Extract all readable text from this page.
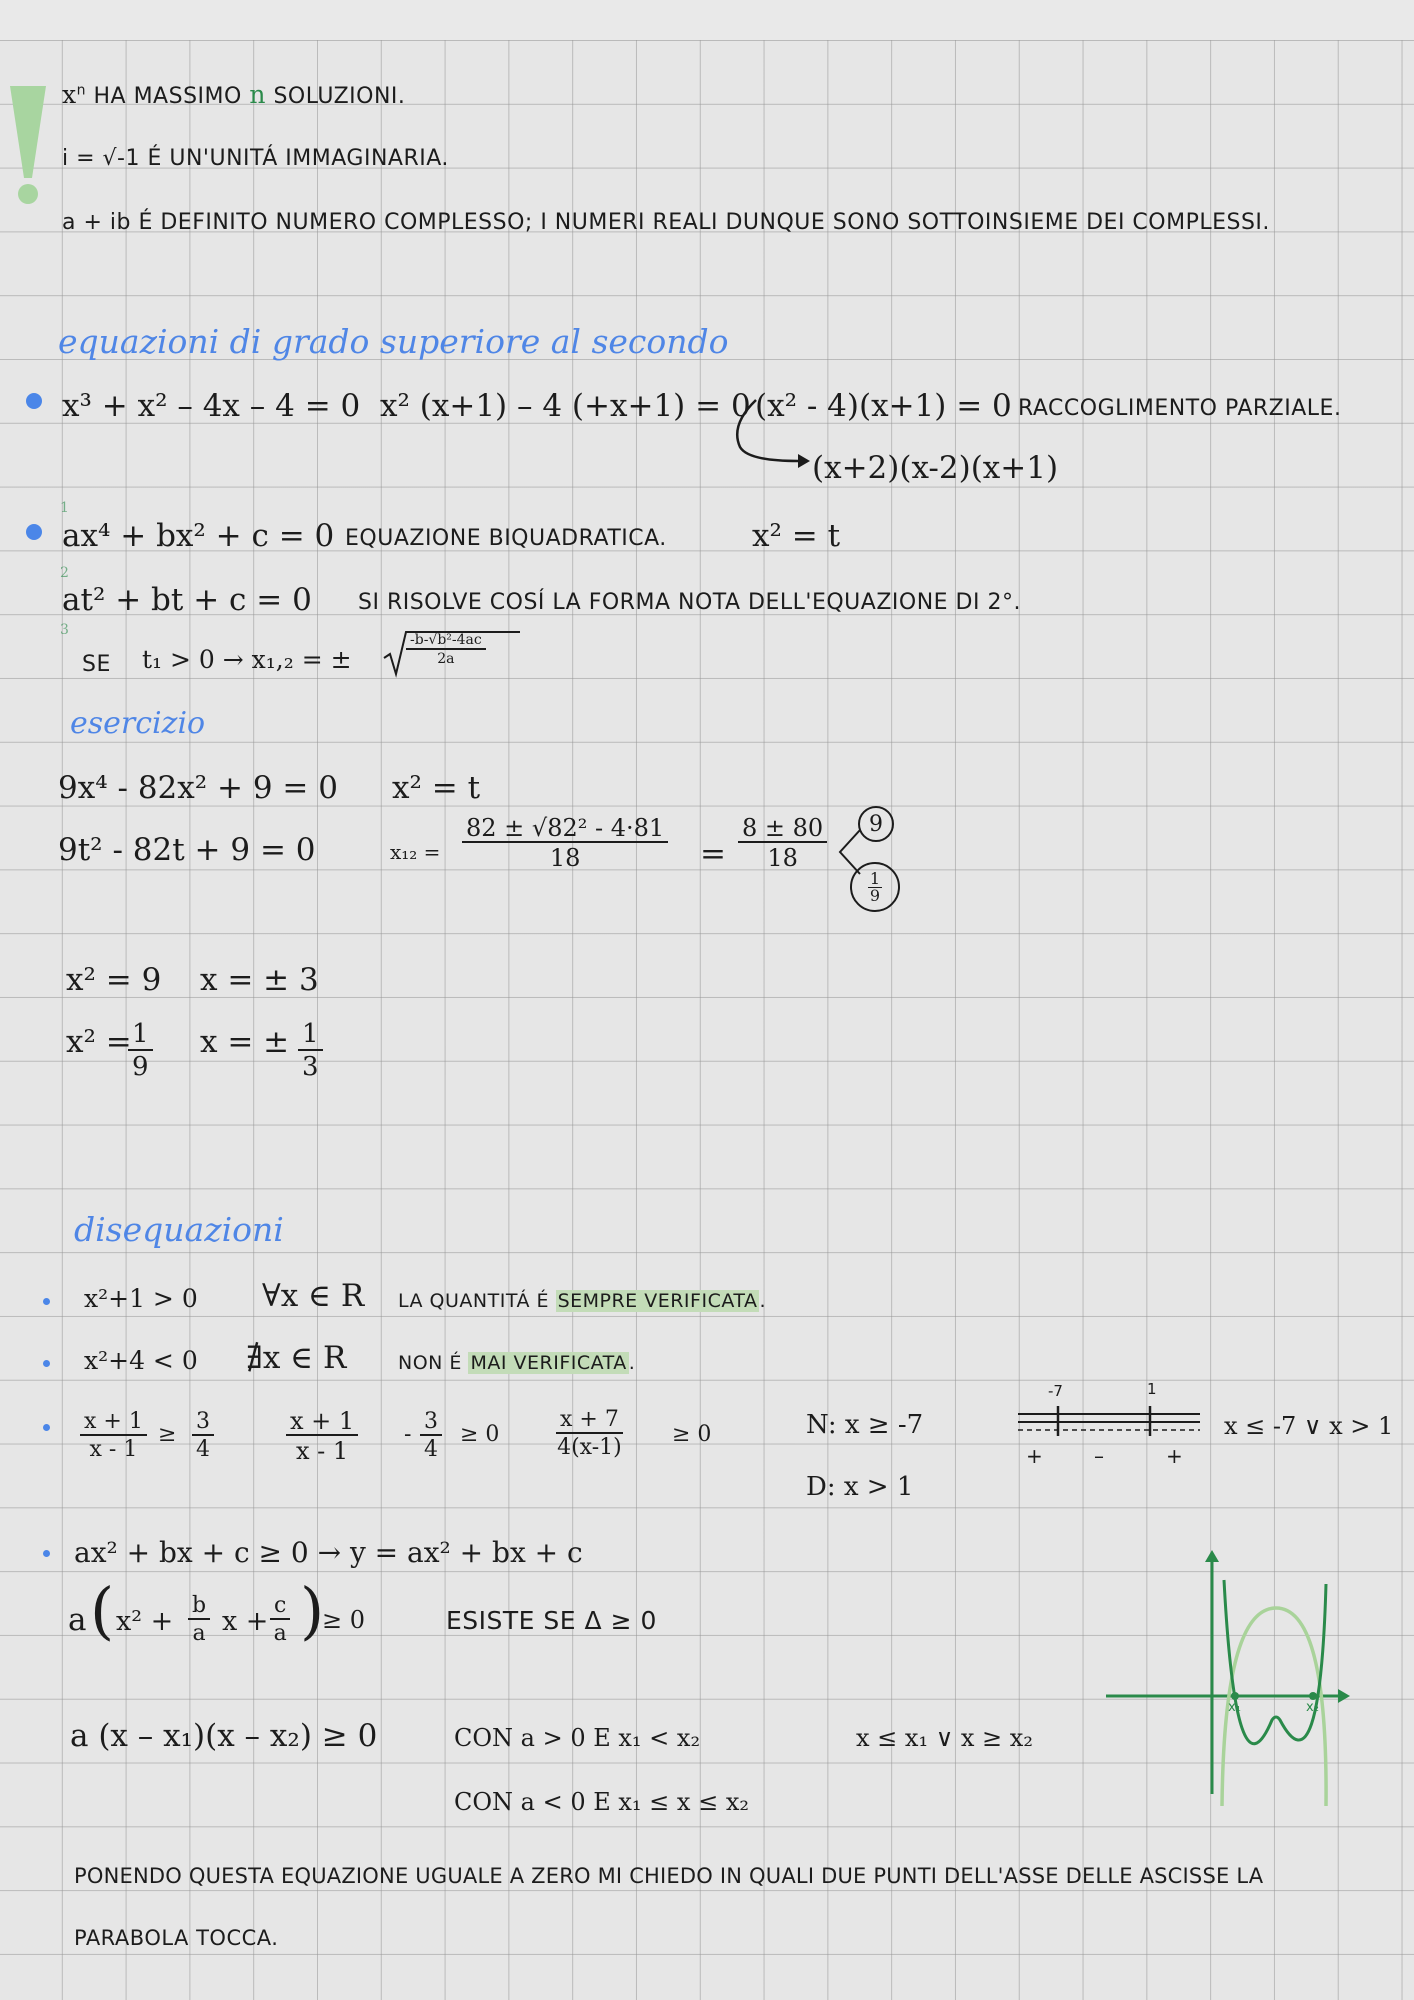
$x^n$ HA MASSIMO n SOLUZIONI.
i = √-1 É UN'UNITÁ IMMAGINARIA.
a + ib É DEFINITO NUMERO COMPLESSO; I NUMERI REALI DUNQUE SONO SOTTOINSIEME DEI COMPLESSI.
equazioni di grado superiore al secondo
x³ + x² – 4x – 4 = 0 x² (x+1) – 4 (+x+1) = 0 (x² - 4)(x+1) = 0 RACCOGLIMENTO PARZIALE.
(x+2)(x-2)(x+1)
1
ax⁴ + bx² + c = 0 EQUAZIONE BIQUADRATICA.	x² = t
2
at² + bt + c = 0 SI RISOLVE COSÍ LA FORMA NOTA DELL'EQUAZIONE DI 2°.
3
SE t₁ > 0 → x₁,₂ = ±	$\frac{\text{-b-√b²-4ac}}{2a}$
esercizio
9x⁴ - 82x² + 9 = 0 x² = t
9t² - 82t + 9 = 0	$x_{12} = \frac{\text{82 ± √82² - 4·81}}{18} = \frac{8 \pm 80}{18} 9$
1
9
x² = 9 x = ± 3
x² =
$\frac{1}{9}$ x = ± $\frac{1}{3}$
disequazioni
x²+1 > 0 ∀x ∈ R LA QUANTITÁ É SEMPRE VERIFICATA .
x²+4 < 0 ∄x ∈ R	NON É MAI VERIFICATA .
$\frac{x + 1}{x - 1} \ge \frac{3}{4}$	$\frac{x + 1}{x - 1} - \frac{3}{4} \ge 0$	$\frac{x + 7}{4(x-1)} \ge 0$	N: x ≥ -7
D: x > 1
-7	1
+	–	+
x ≤ -7 ∨ x > 1
ax² + bx + c ≥ 0 → y = ax² + bx + c
a ( $x^2 + \frac{b}{a}$ $x + \frac{c}{a}$ )
≥ 0	ESISTE SE Δ ≥ 0
a (x – x₁)(x – x₂) ≥ 0	CON a > 0 E x₁ < x₂	x ≤ x₁ ∨ x ≥ x₂
CON a < 0 E x₁ ≤ x ≤ x₂
x₁	x₂
PONENDO QUESTA EQUAZIONE UGUALE A ZERO MI CHIEDO IN QUALI DUE PUNTI DELL'ASSE DELLE ASCISSE LA
PARABOLA TOCCA.
